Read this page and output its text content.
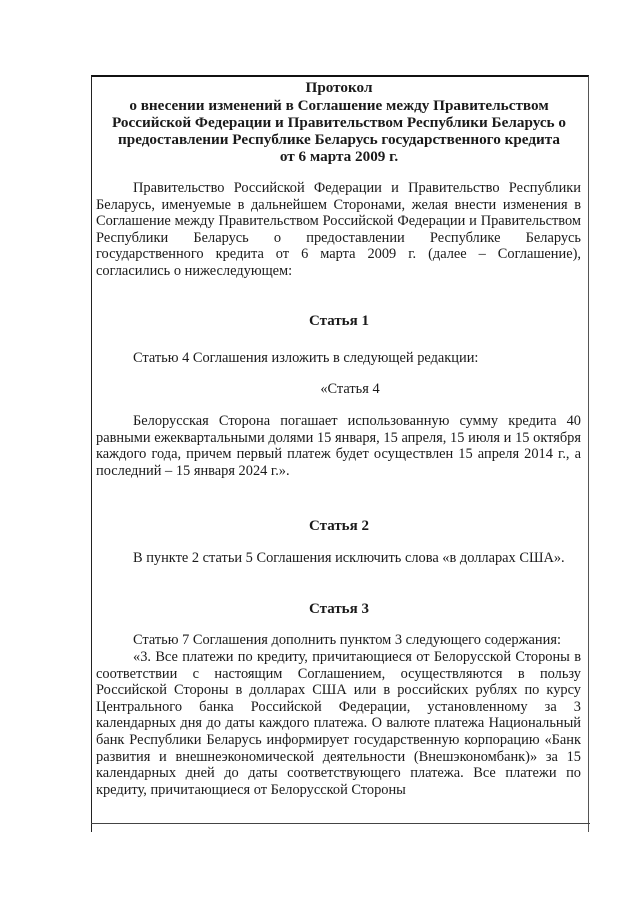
Протокол
о внесении изменений в Соглашение между Правительством
Российской Федерации и Правительством Республики Беларусь о
предоставлении Республике Беларусь государственного кредита
от 6 марта 2009 г.
Правительство Российской Федерации и Правительство Республики Беларусь, именуемые в дальнейшем Сторонами, желая внести изменения в Соглашение между Правительством Российской Федерации и Правительством Республики Беларусь о предоставлении Республике Беларусь государственного кредита от 6 марта 2009 г. (далее – Соглашение), согласились о нижеследующем:
Статья 1
Статью 4 Соглашения изложить в следующей редакции:
«Статья 4
Белорусская Сторона погашает использованную сумму кредита 40 равными ежеквартальными долями 15 января, 15 апреля, 15 июля и 15 октября каждого года, причем первый платеж будет осуществлен 15 апреля 2014 г., а последний – 15 января 2024 г.».
Статья 2
В пункте 2 статьи 5 Соглашения исключить слова «в долларах США».
Статья 3
Статью 7 Соглашения дополнить пунктом 3 следующего содержания:
«3. Все платежи по кредиту, причитающиеся от Белорусской Стороны в соответствии с настоящим Соглашением, осуществляются в пользу Российской Стороны в долларах США или в российских рублях по курсу Центрального банка Российской Федерации, установленному за 3 календарных дня до даты каждого платежа. О валюте платежа Национальный банк Республики Беларусь информирует государственную корпорацию «Банк развития и внешнеэкономической деятельности (Внешэкономбанк)» за 15 календарных дней до даты соответствующего платежа. Все платежи по кредиту, причитающиеся от Белорусской Стороны
